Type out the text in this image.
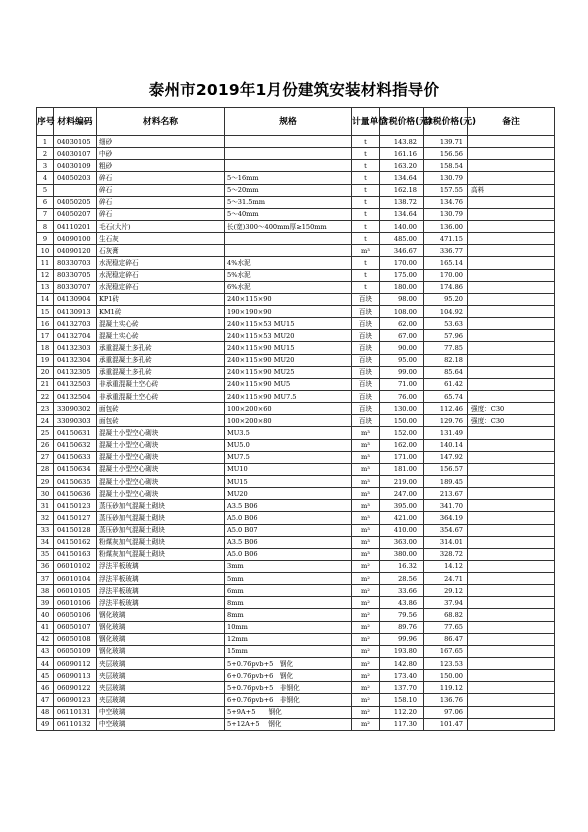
泰州市2019年1月份建筑安装材料指导价
序号	材料编码	材料名称	规格	计量单位	含税价格(元)	除税价格(元)	备注
1	04030105	细砂		t	143.82	139.71	
2	04030107	中砂		t	161.16	156.56	
3	04030109	粗砂		t	163.20	158.54	
4	04050203	碎石	5～16mm	t	134.64	130.79	
5		碎石	5～20mm	t	162.18	157.55	高料
6	04050205	碎石	5～31.5mm	t	138.72	134.76	
7	04050207	碎石	5～40mm	t	134.64	130.79	
8	04110201	毛石(大片)	长(宽)300～400mm厚≥150mm	t	140.00	136.00	
9	04090100	生石灰		t	485.00	471.15	
10	04090120	石灰膏		m³	346.67	336.77	
11	80330703	水泥稳定碎石	4%水泥	t	170.00	165.14	
12	80330705	水泥稳定碎石	5%水泥	t	175.00	170.00	
13	80330707	水泥稳定碎石	6%水泥	t	180.00	174.86	
14	04130904	KP1砖	240×115×90	百块	98.00	95.20	
15	04130913	KM1砖	190×190×90	百块	108.00	104.92	
16	04132703	混凝土实心砖	240×115×53 MU15	百块	62.00	53.63	
17	04132704	混凝土实心砖	240×115×53 MU20	百块	67.00	57.96	
18	04132303	承重混凝土多孔砖	240×115×90 MU15	百块	90.00	77.85	
19	04132304	承重混凝土多孔砖	240×115×90 MU20	百块	95.00	82.18	
20	04132305	承重混凝土多孔砖	240×115×90 MU25	百块	99.00	85.64	
21	04132503	非承重混凝土空心砖	240×115×90 MU5	百块	71.00	61.42	
22	04132504	非承重混凝土空心砖	240×115×90 MU7.5	百块	76.00	65.74	
23	33090302	面包砖	100×200×60	百块	130.00	112.46	强度：C30
24	33090303	面包砖	100×200×80	百块	150.00	129.76	强度：C30
25	04150631	混凝土小型空心砌块	MU3.5	m³	152.00	131.49	
26	04150632	混凝土小型空心砌块	MU5.0	m³	162.00	140.14	
27	04150633	混凝土小型空心砌块	MU7.5	m³	171.00	147.92	
28	04150634	混凝土小型空心砌块	MU10	m³	181.00	156.57	
29	04150635	混凝土小型空心砌块	MU15	m³	219.00	189.45	
30	04150636	混凝土小型空心砌块	MU20	m³	247.00	213.67	
31	04150123	蒸压砂加气混凝土砌块	A3.5 B06	m³	395.00	341.70	
32	04150127	蒸压砂加气混凝土砌块	A5.0 B06	m³	421.00	364.19	
33	04150128	蒸压砂加气混凝土砌块	A5.0 B07	m³	410.00	354.67	
34	04150162	粉煤灰加气混凝土砌块	A3.5 B06	m³	363.00	314.01	
35	04150163	粉煤灰加气混凝土砌块	A5.0 B06	m³	380.00	328.72	
36	06010102	浮法平板玻璃	3mm	m²	16.32	14.12	
37	06010104	浮法平板玻璃	5mm	m²	28.56	24.71	
38	06010105	浮法平板玻璃	6mm	m²	33.66	29.12	
39	06010106	浮法平板玻璃	8mm	m²	43.86	37.94	
40	06050106	钢化玻璃	8mm	m²	79.56	68.82	
41	06050107	钢化玻璃	10mm	m²	89.76	77.65	
42	06050108	钢化玻璃	12mm	m²	99.96	86.47	
43	06050109	钢化玻璃	15mm	m²	193.80	167.65	
44	06090112	夹层玻璃	5+0.76pvb+5　钢化	m²	142.80	123.53	
45	06090113	夹层玻璃	6+0.76pvb+6　钢化	m²	173.40	150.00	
46	06090122	夹层玻璃	5+0.76pvb+5　非钢化	m²	137.70	119.12	
47	06090123	夹层玻璃	6+0.76pvb+6　非钢化	m²	158.10	136.76	
48	06110131	中空玻璃	5+9A+5　　钢化	m²	112.20	97.06	
49	06110132	中空玻璃	5+12A+5　 钢化	m²	117.30	101.47	
